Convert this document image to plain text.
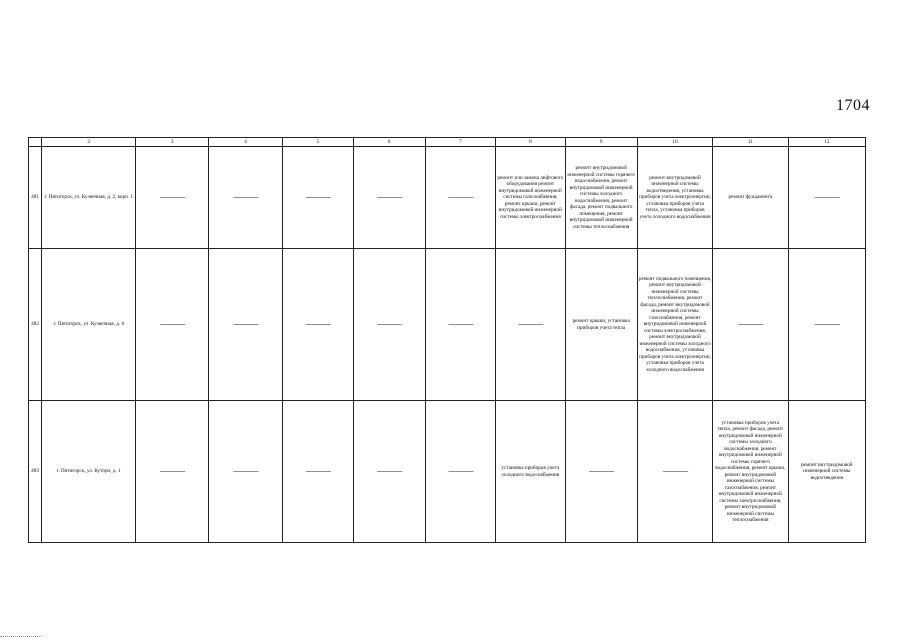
1704
	2	3	4	5	6	7	8	9	10	11	12
481	г. Пятигорск, ул. Кузнечная, д. 2, корп. 1	———	———	———	———	———	ремонт или замена лифтового оборудования ремонт внутридомовой инженерной системы газоснабжения, ремонт крыши, ремонт внутридомовой инженерной системы электроснабжения	ремонт внутридомовой инженерной системы горячего водоснабжения, ремонт внутридомовой инженерной системы холодного водоснабжения, ремонт фасада, ремонт подвального помещения, ремонт внутридомовой инженерной системы теплоснабжения	ремонт внутридомовой инженерной системы водоотведения, установка приборов учета электроэнергии, установка приборов учета тепла, установка приборов учета холодного водоснабжения	ремонт фундамента	———
482	г. Пятигорск, ул. Кузнечная, д. 8	———	———	———	———	———	———	ремонт крыши, установка приборов учета тепла	ремонт подвального помещения, ремонт внутридомовой инженерной системы теплоснабжения, ремонт фасада, ремонт внутридомовой инженерной системы газоснабжения, ремонт внутридомовой инженерной системы электроснабжения, ремонт внутридомовой инженерной системы холодного водоснабжения, установка приборов учета электроэнергии, установка приборов учета холодного водоснабжения	———	———
483	г. Пятигорск, ул. Куторн, д. 1	———	———	———	———	———	установка приборов учета холодного водоснабжения	———	———	установка приборов учета тепла, ремонт фасада, ремонт внутридомовой инженерной системы холодного водоснабжения, ремонт внутридомовой инженерной системы горячего водоснабжения, ремонт крыши, ремонт внутридомовой инженерной системы газоснабжения, ремонт внутридомовой инженерной системы электроснабжения, ремонт внутридомовой инженерной системы теплоснабжения	ремонт внутридомовой инженерной системы водоотведения
